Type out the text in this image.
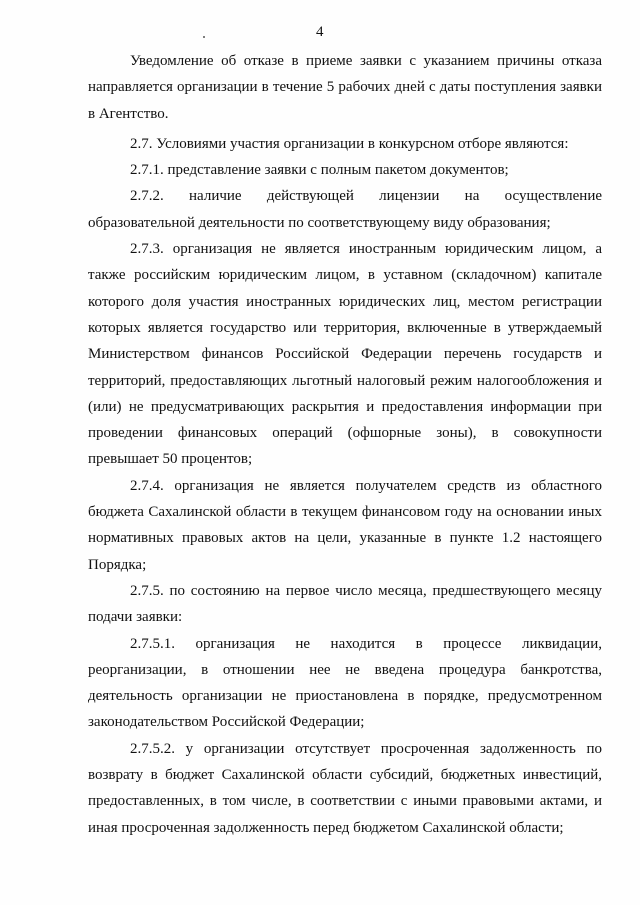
4

Уведомление об отказе в приеме заявки с указанием причины отказа направляется организации в течение 5 рабочих дней с даты поступления заявки в Агентство.

2.7. Условиями участия организации в конкурсном отборе являются:

2.7.1. представление заявки с полным пакетом документов;

2.7.2. наличие действующей лицензии на осуществление образовательной деятельности по соответствующему виду образования;

2.7.3. организация не является иностранным юридическим лицом, а также российским юридическим лицом, в уставном (складочном) капитале которого доля участия иностранных юридических лиц, местом регистрации которых является государство или территория, включенные в утверждаемый Министерством финансов Российской Федерации перечень государств и территорий, предоставляющих льготный налоговый режим налогообложения и (или) не предусматривающих раскрытия и предоставления информации при проведении финансовых операций (офшорные зоны), в совокупности превышает 50 процентов;

2.7.4. организация не является получателем средств из областного бюджета Сахалинской области в текущем финансовом году на основании иных нормативных правовых актов на цели, указанные в пункте 1.2 настоящего Порядка;

2.7.5. по состоянию на первое число месяца, предшествующего месяцу подачи заявки:

2.7.5.1. организация не находится в процессе ликвидации, реорганизации, в отношении нее не введена процедура банкротства, деятельность организации не приостановлена в порядке, предусмотренном законодательством Российской Федерации;

2.7.5.2. у организации отсутствует просроченная задолженность по возврату в бюджет Сахалинской области субсидий, бюджетных инвестиций, предоставленных, в том числе, в соответствии с иными правовыми актами, и иная просроченная задолженность перед бюджетом Сахалинской области;
